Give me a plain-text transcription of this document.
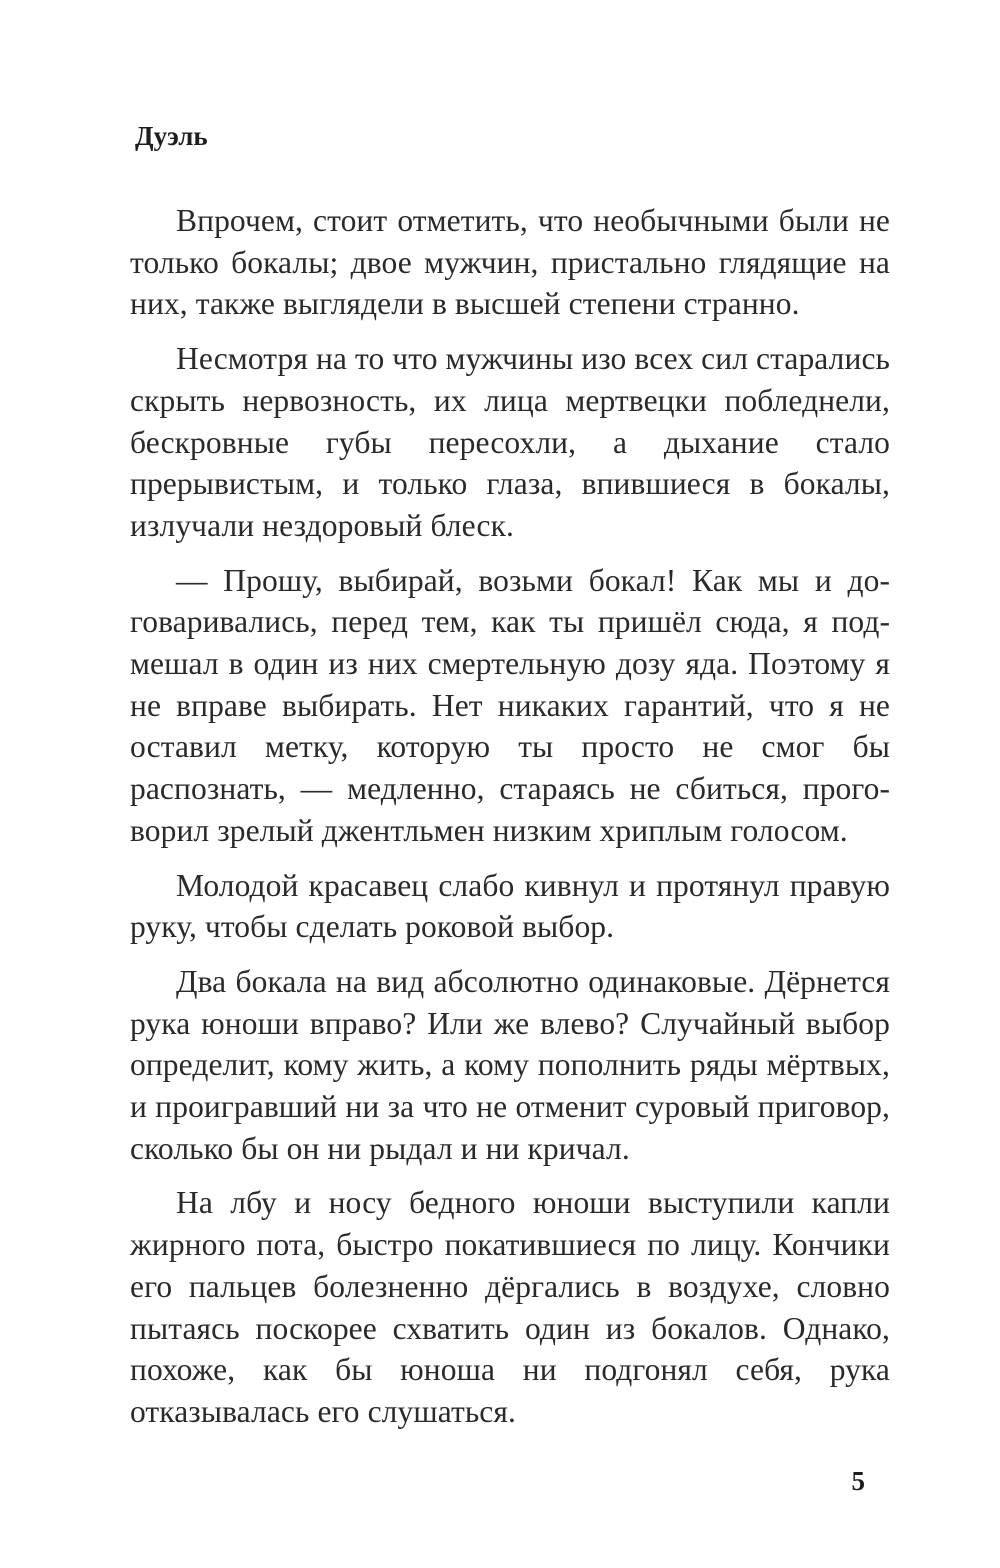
Дуэль

Впрочем, стоит отметить, что необычными были не только бокалы; двое мужчин, пристально глядящие на них, также выглядели в высшей степени странно.

Несмотря на то что мужчины изо всех сил старались скрыть нервозность, их лица мертвецки побледнели, бескровные губы пересохли, а дыхание стало прерывистым, и только глаза, впившиеся в бокалы, излучали нездоровый блеск.

— Прошу, выбирай, возьми бокал! Как мы и договаривались, перед тем, как ты пришёл сюда, я подмешал в один из них смертельную дозу яда. Поэтому я не вправе выбирать. Нет никаких гарантий, что я не оставил метку, которую ты просто не смог бы распознать, — медленно, стараясь не сбиться, проговорил зрелый джентльмен низким хриплым голосом.

Молодой красавец слабо кивнул и протянул правую руку, чтобы сделать роковой выбор.

Два бокала на вид абсолютно одинаковые. Дёрнется рука юноши вправо? Или же влево? Случайный выбор определит, кому жить, а кому пополнить ряды мёртвых, и проигравший ни за что не отменит суровый приговор, сколько бы он ни рыдал и ни кричал.

На лбу и носу бедного юноши выступили капли жирного пота, быстро покатившиеся по лицу. Кончики его пальцев болезненно дёргались в воздухе, словно пытаясь поскорее схватить один из бокалов. Однако, похоже, как бы юноша ни подгонял себя, рука отказывалась его слушаться.

5
